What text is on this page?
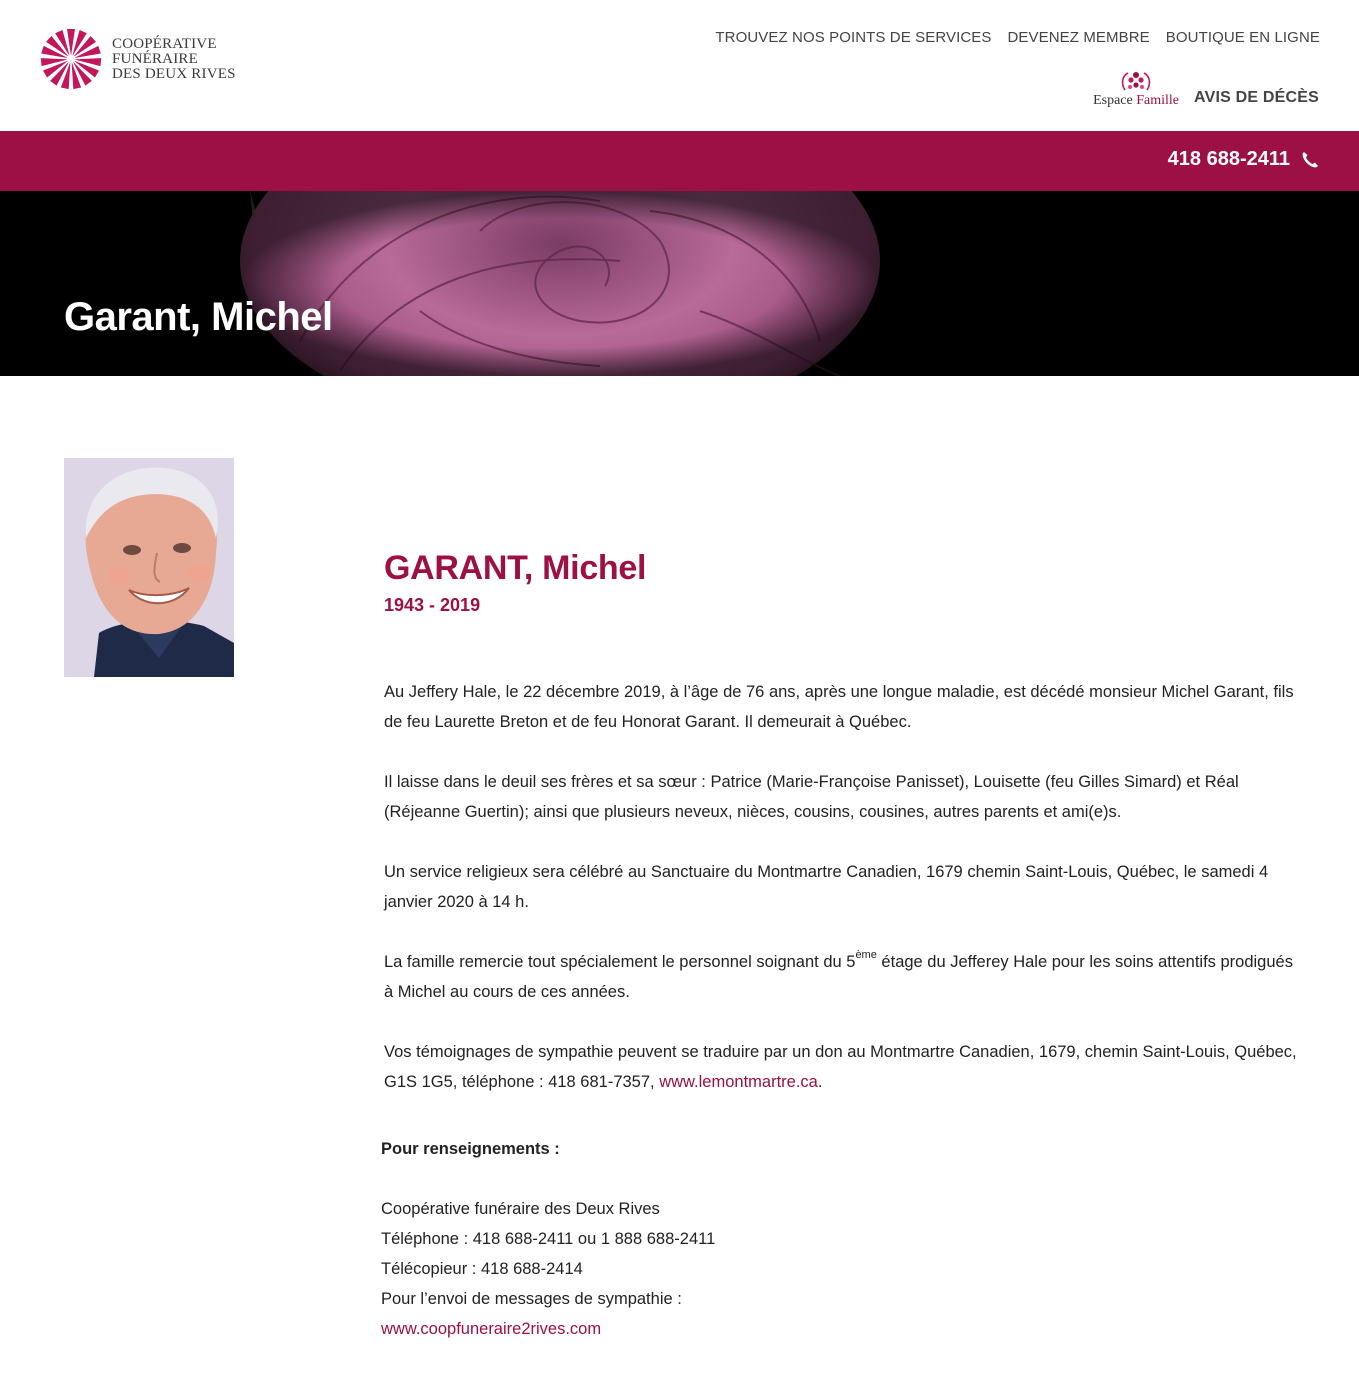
COOPÉRATIVE
FUNÉRAIRE
DES DEUX RIVES
TROUVEZ NOS POINTS DE SERVICES DEVENEZ MEMBRE BOUTIQUE EN LIGNE
Espace Famille AVIS DE DÉCÈS
418 688-2411
Garant, Michel
GARANT, Michel
1943 - 2019

Au Jeffery Hale, le 22 décembre 2019, à l’âge de 76 ans, après une longue maladie, est décédé monsieur Michel Garant, fils de feu Laurette Breton et de feu Honorat Garant. Il demeurait à Québec.

Il laisse dans le deuil ses frères et sa sœur : Patrice (Marie-Françoise Panisset), Louisette (feu Gilles Simard) et Réal (Réjeanne Guertin); ainsi que plusieurs neveux, nièces, cousins, cousines, autres parents et ami(e)s.

Un service religieux sera célébré au Sanctuaire du Montmartre Canadien, 1679 chemin Saint-Louis, Québec, le samedi 4 janvier 2020 à 14 h.

La famille remercie tout spécialement le personnel soignant du 5ème étage du Jefferey Hale pour les soins attentifs prodigués à Michel au cours de ces années.

Vos témoignages de sympathie peuvent se traduire par un don au Montmartre Canadien, 1679, chemin Saint-Louis, Québec, G1S 1G5, téléphone : 418 681-7357, www.lemontmartre.ca.

Pour renseignements :
Coopérative funéraire des Deux Rives
Téléphone : 418 688-2411 ou 1 888 688-2411
Télécopieur : 418 688-2414
Pour l’envoi de messages de sympathie :
www.coopfuneraire2rives.com
